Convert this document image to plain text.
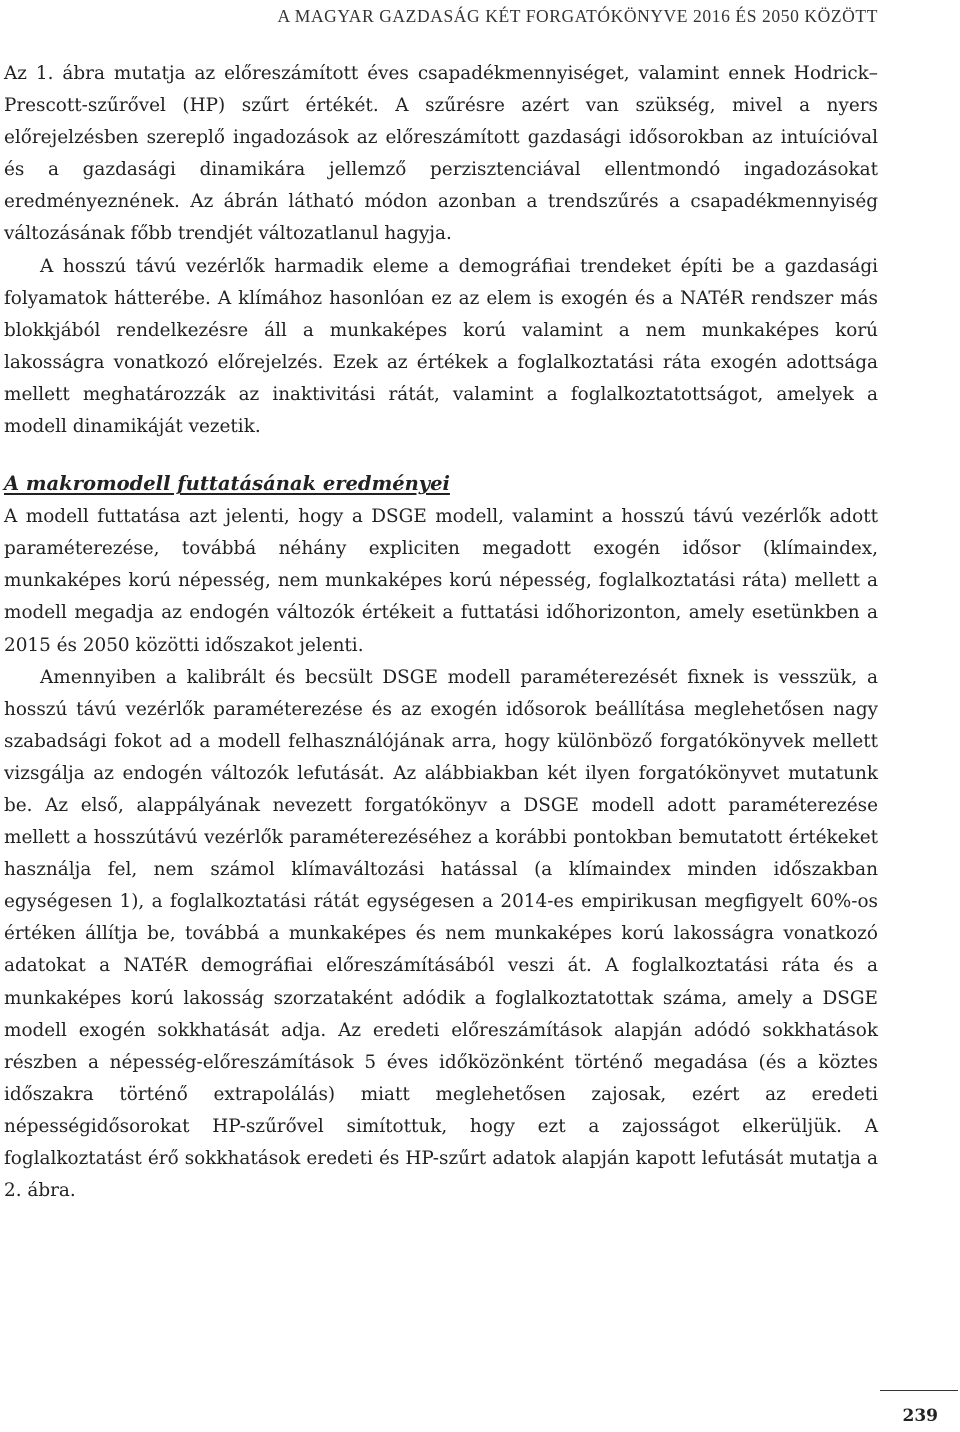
A MAGYAR GAZDASÁG KÉT FORGATÓKÖNYVE 2016 ÉS 2050 KÖZÖTT

Az 1. ábra mutatja az előreszámított éves csapadékmennyiséget, valamint ennek Hodrick–Prescott-szűrővel (HP) szűrt értékét. A szűrésre azért van szükség, mivel a nyers előrejelzésben szereplő ingadozások az előreszámított gazdasági idősorokban az intuícióval és a gazdasági dinamikára jellemző perzisztenciával ellentmondó ingadozásokat eredményeznének. Az ábrán látható módon azonban a trendszűrés a csapadékmennyiség változásának főbb trendjét változatlanul hagyja.

A hosszú távú vezérlők harmadik eleme a demográfiai trendeket építi be a gazdasági folyamatok hátterébe. A klímához hasonlóan ez az elem is exogén és a NATéR rendszer más blokkjából rendelkezésre áll a munkaképes korú valamint a nem munkaképes korú lakosságra vonatkozó előrejelzés. Ezek az értékek a foglalkoztatási ráta exogén adottsága mellett meghatározzák az inaktivitási rátát, valamint a foglalkoztatottságot, amelyek a modell dinamikáját vezetik.

A makromodell futtatásának eredményei

A modell futtatása azt jelenti, hogy a DSGE modell, valamint a hosszú távú vezérlők adott paraméterezése, továbbá néhány expliciten megadott exogén idősor (klímaindex, munkaképes korú népesség, nem munkaképes korú népesség, foglalkoztatási ráta) mellett a modell megadja az endogén változók értékeit a futtatási időhorizonton, amely esetünkben a 2015 és 2050 közötti időszakot jelenti.

Amennyiben a kalibrált és becsült DSGE modell paraméterezését fixnek is vesszük, a hosszú távú vezérlők paraméterezése és az exogén idősorok beállítása meglehetősen nagy szabadsági fokot ad a modell felhasználójának arra, hogy különböző forgatókönyvek mellett vizsgálja az endogén változók lefutását. Az alábbiakban két ilyen forgatókönyvet mutatunk be. Az első, alappályának nevezett forgatókönyv a DSGE modell adott paraméterezése mellett a hosszútávú vezérlők paraméterezéséhez a korábbi pontokban bemutatott értékeket használja fel, nem számol klímaváltozási hatással (a klímaindex minden időszakban egységesen 1), a foglalkoztatási rátát egységesen a 2014-es empirikusan megfigyelt 60%-os értéken állítja be, továbbá a munkaképes és nem munkaképes korú lakosságra vonatkozó adatokat a NATéR demográfiai előreszámításából veszi át. A foglalkoztatási ráta és a munkaképes korú lakosság szorzataként adódik a foglalkoztatottak száma, amely a DSGE modell exogén sokkhatását adja. Az eredeti előreszámítások alapján adódó sokkhatások részben a népesség-előreszámítások 5 éves időközönként történő megadása (és a köztes időszakra történő extrapolálás) miatt meglehetősen zajosak, ezért az eredeti népességidősorokat HP-szűrővel simítottuk, hogy ezt a zajosságot elkerüljük. A foglalkoztatást érő sokkhatások eredeti és HP-szűrt adatok alapján kapott lefutását mutatja a 2. ábra.

239
